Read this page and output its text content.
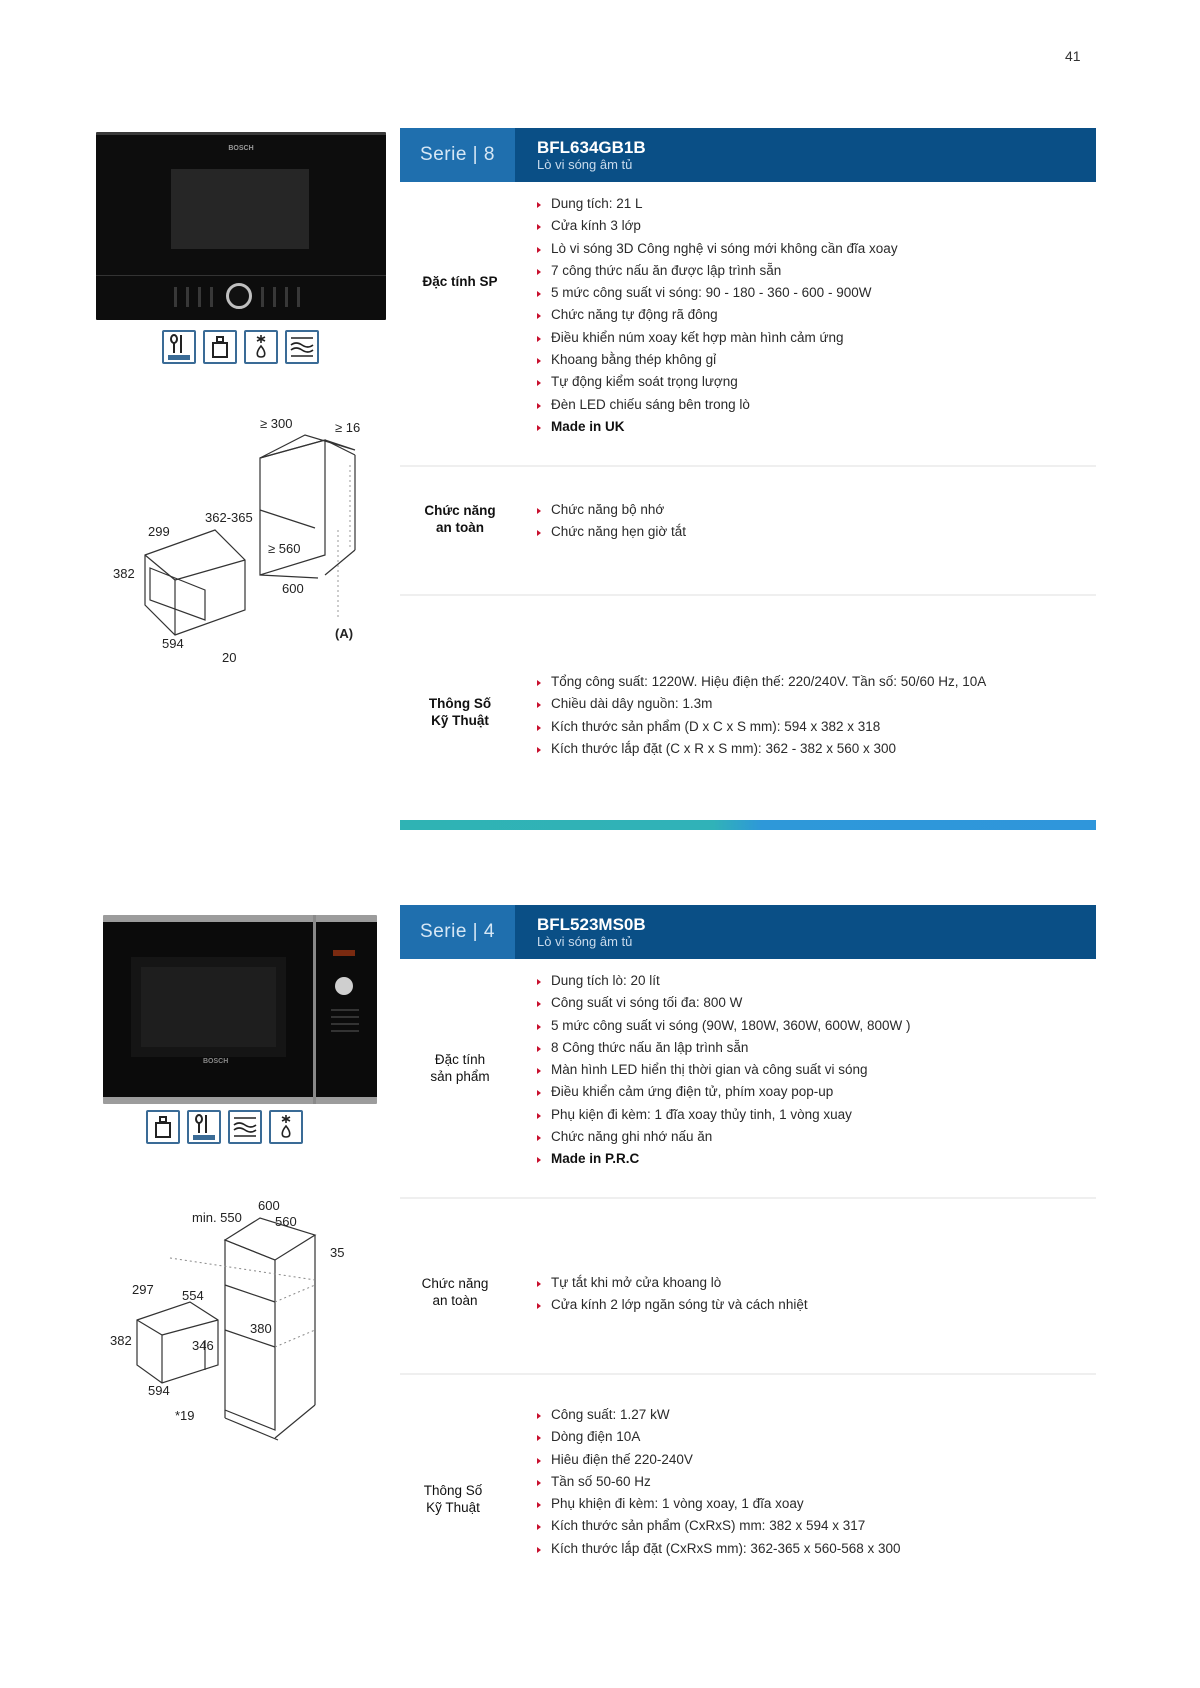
41
BOSCH
≥ 300	≥ 16
362-365
299
≥ 560
382
600
(A)
594
20
Serie | 8	BFL634GB1B
Lò vi sóng âm tủ
Đặc tính SP
Dung tích: 21 L
Cửa kính 3 lớp
Lò vi sóng 3D Công nghệ vi sóng mới không cần đĩa xoay
7 công thức nấu ăn được lập trình sẵn
5 mức công suất vi sóng: 90 - 180 - 360 - 600 - 900W
Chức năng tự động rã đông
Điều khiển núm xoay kết hợp màn hình cảm ứng
Khoang bằng thép không gỉ
Tự động kiểm soát trọng lượng
Đèn LED chiếu sáng bên trong lò
Made in UK
Chức năng
an toàn
Chức năng bộ nhớ
Chức năng hẹn giờ tắt
Thông Số
Kỹ Thuật
Tổng công suất: 1220W. Hiệu điện thế: 220/240V. Tần số: 50/60 Hz, 10A
Chiều dài dây nguồn: 1.3m
Kích thước sản phẩm (D x C x S mm): 594 x 382 x 318
Kích thước lắp đặt (C x R x S mm): 362 - 382 x 560 x 300
BOSCH
600
min. 550	560
35
297 554
380
382	346
594
*19
Serie | 4	BFL523MS0B
Lò vi sóng âm tủ
Đặc tính
sản phẩm
Dung tích lò: 20 lít
Công suất vi sóng tối đa: 800 W
5 mức công suất vi sóng (90W, 180W, 360W, 600W, 800W )
8 Công thức nấu ăn lập trình sẵn
Màn hình LED hiển thị thời gian và công suất vi sóng
Điều khiển cảm ứng điện tử, phím xoay pop-up
Phụ kiện đi kèm: 1 đĩa xoay thủy tinh, 1 vòng xuay
Chức năng ghi nhớ nấu ăn
Made in P.R.C
Chức năng
an toàn
Tự tắt khi mở cửa khoang lò
Cửa kính 2 lớp ngăn sóng từ và cách nhiệt
Thông Số
Kỹ Thuật
Công suất: 1.27 kW
Dòng điện 10A
Hiêu điện thế 220-240V
Tần số 50-60 Hz
Phụ khiện đi kèm: 1 vòng xoay, 1 đĩa xoay
Kích thước sản phẩm (CxRxS) mm: 382 x 594 x 317
Kích thước lắp đặt (CxRxS mm): 362-365 x 560-568 x 300
